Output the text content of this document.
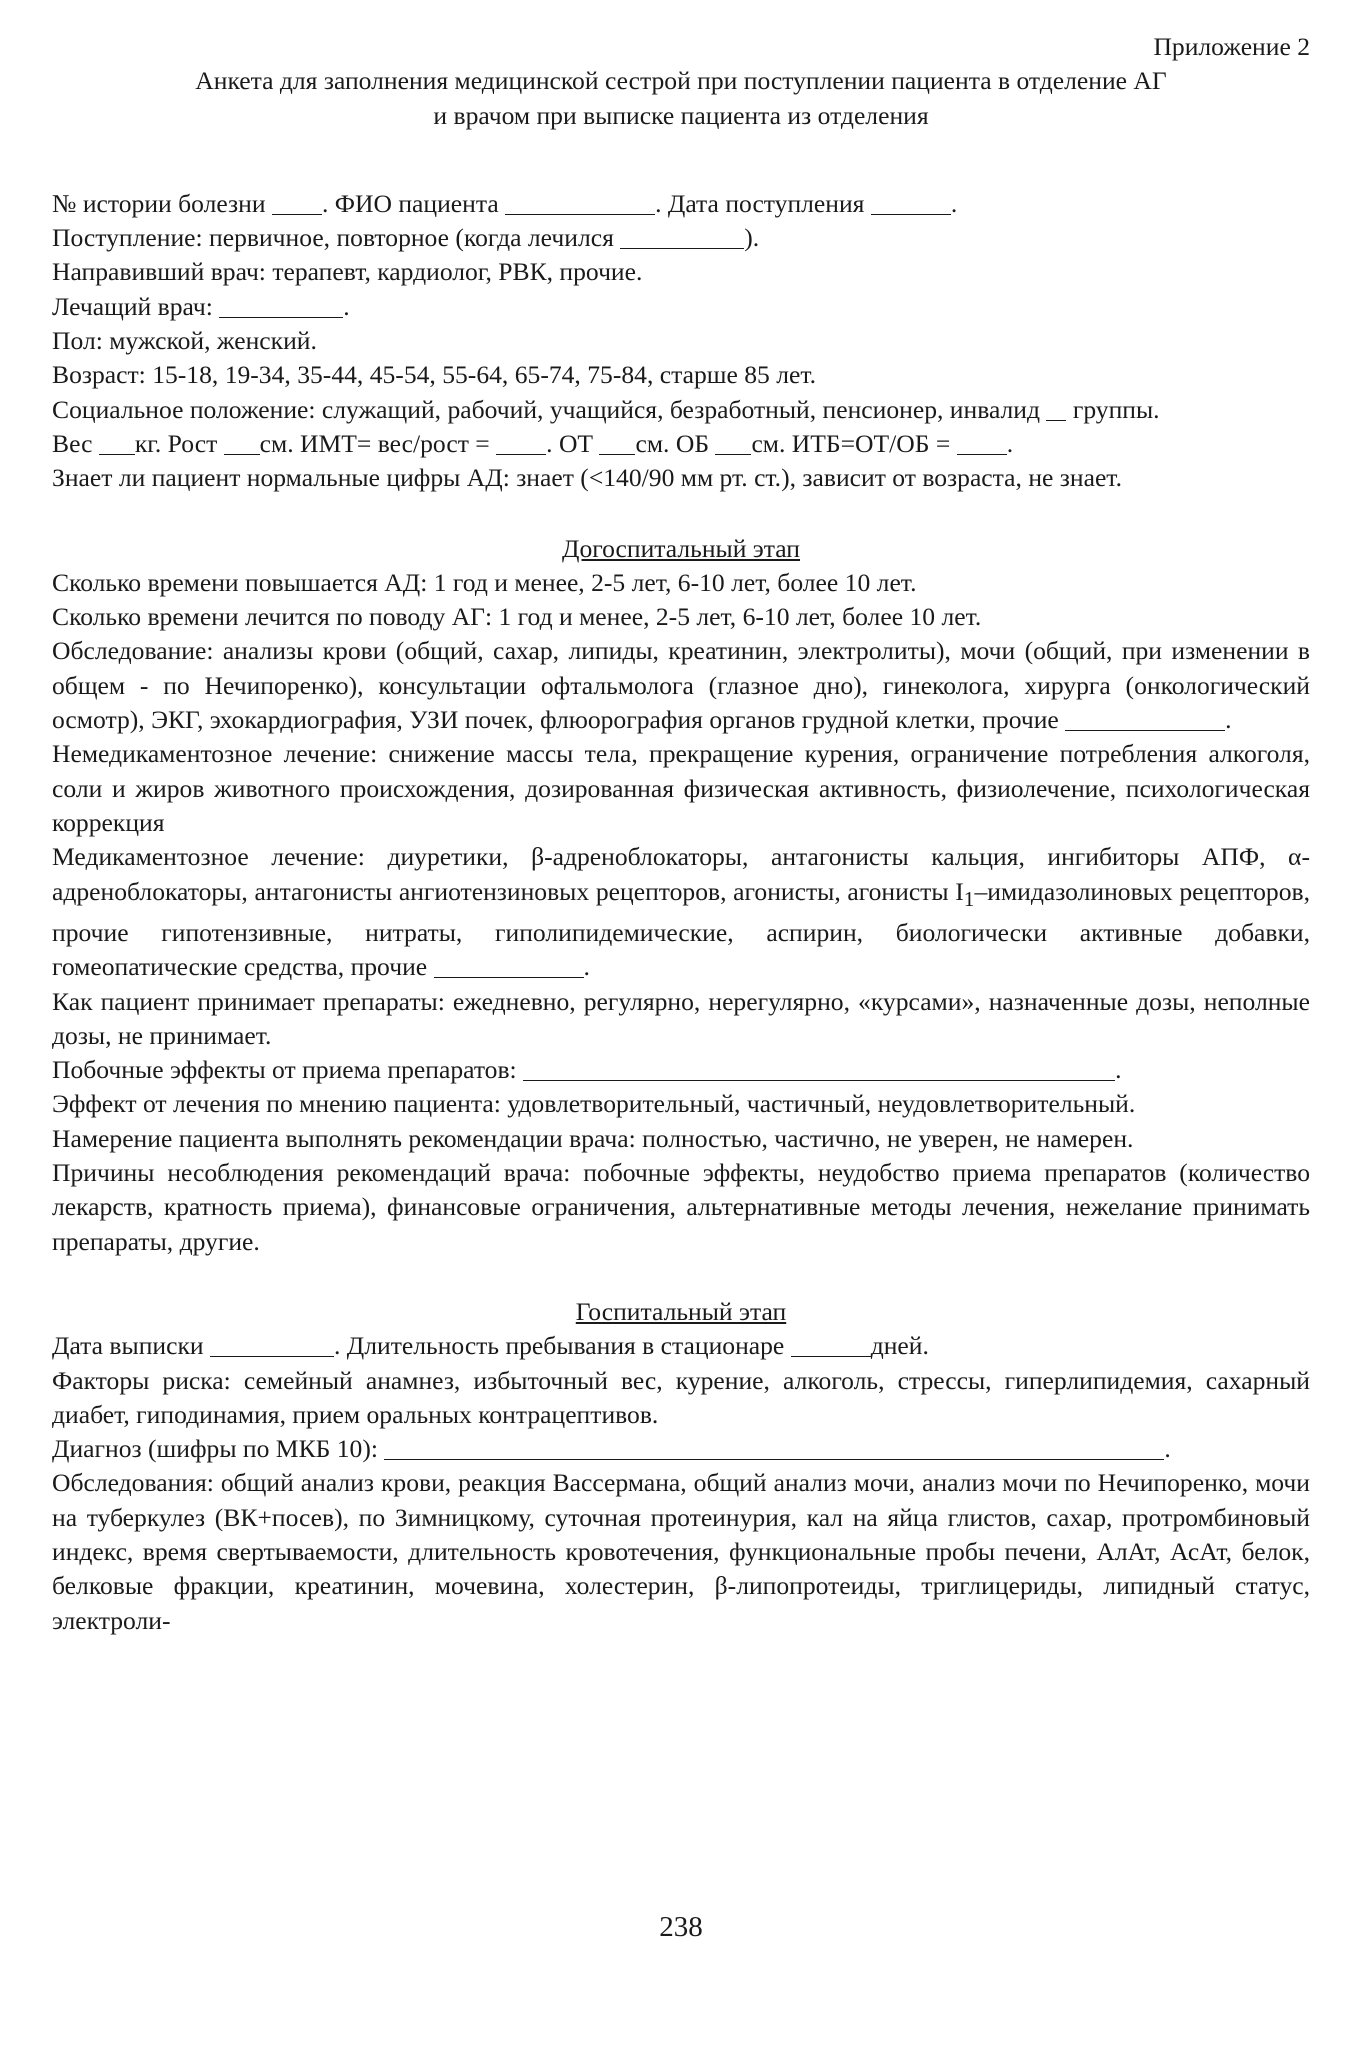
Приложение 2

Анкета для заполнения медицинской сестрой при поступлении пациента в отделение АГ

и врачом при выписке пациента из отделения

№ истории болезни . ФИО пациента	. Дата поступления	.

Поступление: первичное, повторное (когда лечился	).

Направивший врач: терапевт, кардиолог, РВК, прочие.

Лечащий врач:	.

Пол: мужской, женский.

Возраст: 15-18, 19-34, 35-44, 45-54, 55-64, 65-74, 75-84, старше 85 лет.

Социальное положение: служащий, рабочий, учащийся, безработный, пенсионер, инвалид группы.

Вес кг. Рост см. ИМТ= вес/рост = . ОТ см. ОБ см. ИТБ=ОТ/ОБ = .

Знает ли пациент нормальные цифры АД: знает (<140/90 мм рт. ст.), зависит от возраста, не знает.

Догоспитальный этап

Сколько времени повышается АД: 1 год и менее, 2-5 лет, 6-10 лет, более 10 лет.

Сколько времени лечится по поводу АГ: 1 год и менее, 2-5 лет, 6-10 лет, более 10 лет.

Обследование: анализы крови (общий, сахар, липиды, креатинин, электролиты), мочи (общий, при изменении в общем - по Нечипоренко), консультации офтальмолога (глазное дно), гинеколога, хирурга (онкологический осмотр), ЭКГ, эхокардиография, УЗИ почек, флюорография органов грудной клетки, прочие	.

Немедикаментозное лечение: снижение массы тела, прекращение курения, ограничение потребления алкоголя, соли и жиров животного происхождения, дозированная физическая активность, физиолечение, психологическая коррекция

Медикаментозное лечение: диуретики, β-адреноблокаторы, антагонисты кальция, ингибиторы АПФ, α-адреноблокаторы, антагонисты ангиотензиновых рецепторов, агонисты, агонисты $I_1$–имидазолиновых рецепторов, прочие гипотензивные, нитраты, гиполипидемические, аспирин, биологически активные добавки, гомеопатические средства, прочие	.

Как пациент принимает препараты: ежедневно, регулярно, нерегулярно, «курсами», назначенные дозы, неполные дозы, не принимает.

Побочные эффекты от приема препаратов:	.

Эффект от лечения по мнению пациента: удовлетворительный, частичный, неудовлетворительный.

Намерение пациента выполнять рекомендации врача: полностью, частично, не уверен, не намерен.

Причины несоблюдения рекомендаций врача: побочные эффекты, неудобство приема препаратов (количество лекарств, кратность приема), финансовые ограничения, альтернативные методы лечения, нежелание принимать препараты, другие.

Госпитальный этап

Дата выписки	. Длительность пребывания в стационаре	дней.

Факторы риска: семейный анамнез, избыточный вес, курение, алкоголь, стрессы, гиперлипидемия, сахарный диабет, гиподинамия, прием оральных контрацептивов.

Диагноз (шифры по МКБ 10):	.

Обследования: общий анализ крови, реакция Вассермана, общий анализ мочи, анализ мочи по Нечипоренко, мочи на туберкулез (ВК+посев), по Зимницкому, суточная протеинурия, кал на яйца глистов, сахар, протромбиновый индекс, время свертываемости, длительность кровотечения, функциональные пробы печени, АлАт, АсАт, белок, белковые фракции, креатинин, мочевина, холестерин, β-липопротеиды, триглицериды, липидный статус, электроли-

238
